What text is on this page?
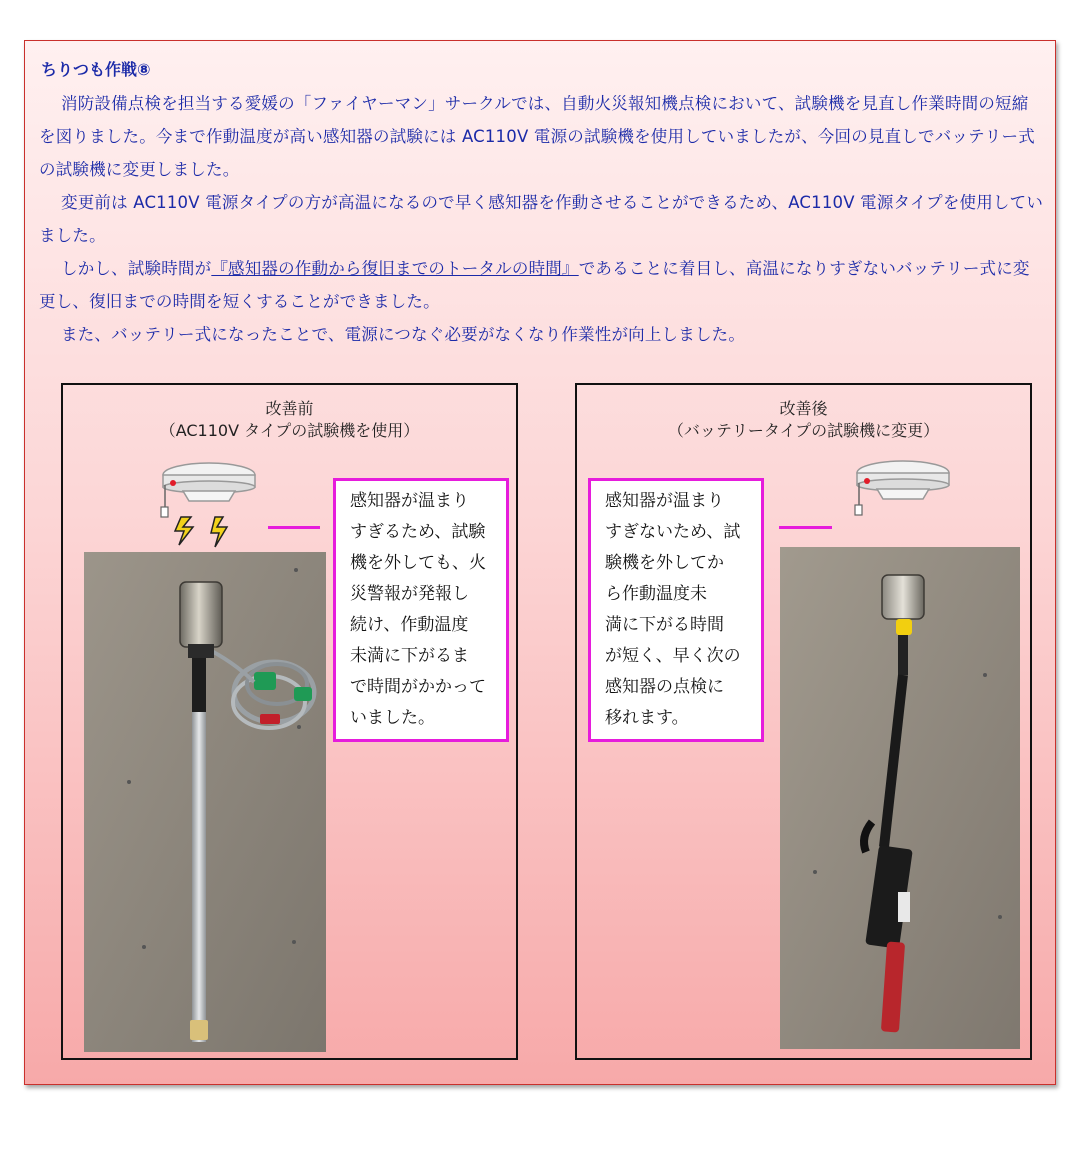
ちりつも作戦⑧

消防設備点検を担当する愛媛の「ファイヤーマン」サークルでは、自動火災報知機点検において、試験機を見直し作業時間の短縮を図りました。今まで作動温度が高い感知器の試験には AC110V 電源の試験機を使用していましたが、今回の見直しでバッテリー式の試験機に変更しました。

変更前は AC110V 電源タイプの方が高温になるので早く感知器を作動させることができるため、AC110V 電源タイプを使用していました。

しかし、試験時間が『感知器の作動から復旧までのトータルの時間』であることに着目し、高温になりすぎないバッテリー式に変更し、復旧までの時間を短くすることができました。

また、バッテリー式になったことで、電源につなぐ必要がなくなり作業性が向上しました。

改善前
（AC110V タイプの試験機を使用）
感知器が温まり
すぎるため、試験
機を外しても、火
災警報が発報し
続け、作動温度
未満に下がるま
で時間がかかって
いました。
改善後
（バッテリータイプの試験機に変更）
感知器が温まり
すぎないため、試
験機を外してか
ら作動温度未
満に下がる時間
が短く、早く次の
感知器の点検に
移れます。
